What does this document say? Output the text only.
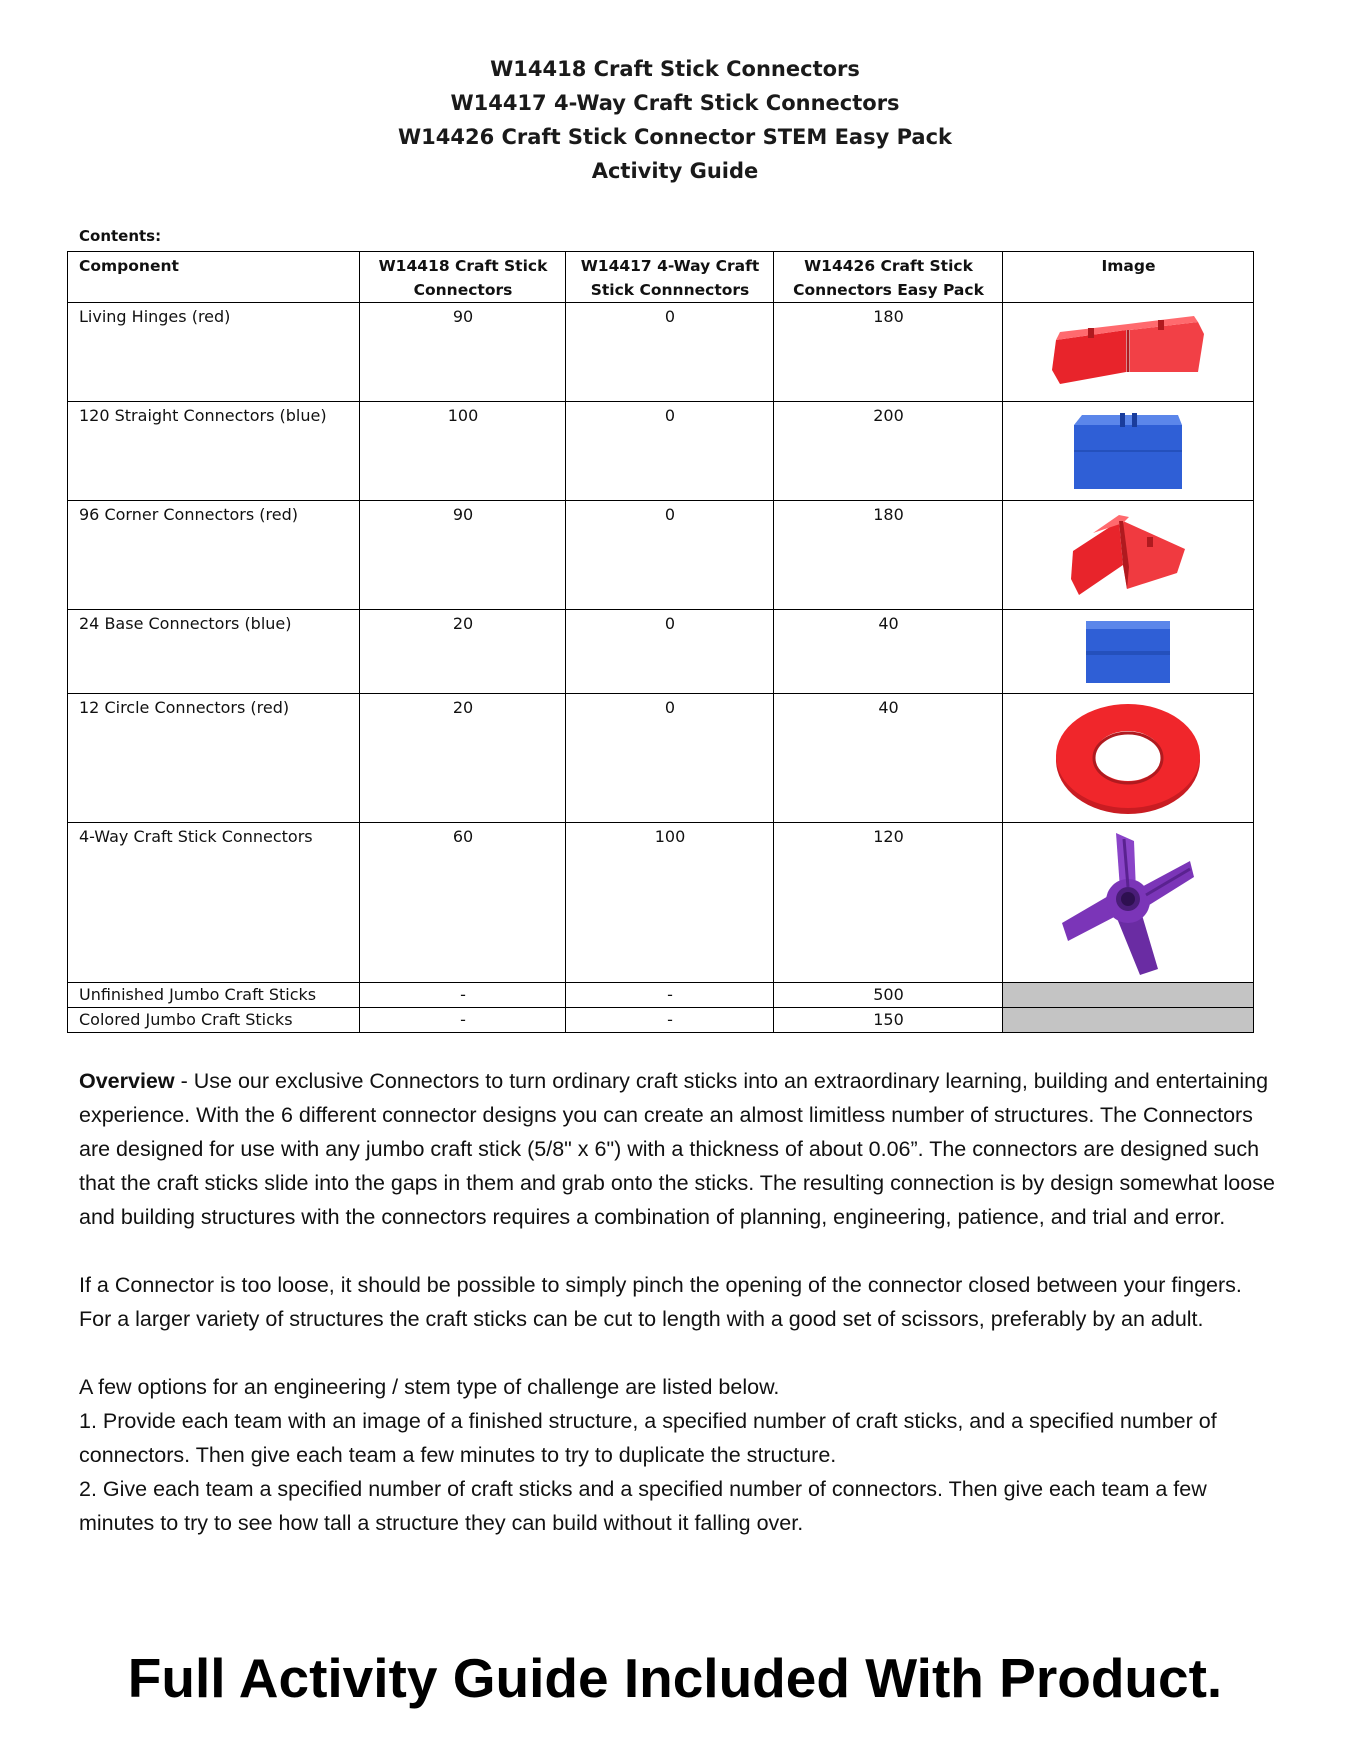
W14418 Craft Stick Connectors
W14417 4-Way Craft Stick Connectors
W14426 Craft Stick Connector STEM Easy Pack
Activity Guide
Contents:
Component	W14418 Craft Stick Connectors	W14417 4-Way Craft Stick Connnectors	W14426 Craft Stick Connectors Easy Pack	Image
Living Hinges (red)	90	0	180	

120 Straight Connectors (blue)	100	0	200	

96 Corner Connectors (red)	90	0	180	

24 Base Connectors (blue)	20	0	40	

12 Circle Connectors (red)	20	0	40	

4-Way Craft Stick Connectors	60	100	120	

Unfinished Jumbo Craft Sticks	-	-	500	
Colored Jumbo Craft Sticks	-	-	150	

Overview - Use our exclusive Connectors to turn ordinary craft sticks into an extraordinary learning, building and entertaining experience. With the 6 different connector designs you can create an almost limitless number of structures. The Connectors are designed for use with any jumbo craft stick (5/8" x 6") with a thickness of about 0.06”. The connectors are designed such that the craft sticks slide into the gaps in them and grab onto the sticks. The resulting connection is by design somewhat loose and building structures with the connectors requires a combination of planning, engineering, patience, and trial and error.

If a Connector is too loose, it should be possible to simply pinch the opening of the connector closed between your fingers. For a larger variety of structures the craft sticks can be cut to length with a good set of scissors, preferably by an adult.

A few options for an engineering / stem type of challenge are listed below.

1. Provide each team with an image of a finished structure, a specified number of craft sticks, and a specified number of connectors. Then give each team a few minutes to try to duplicate the structure.

2. Give each team a specified number of craft sticks and a specified number of connectors. Then give each team a few minutes to try to see how tall a structure they can build without it falling over.

Full Activity Guide Included With Product.
